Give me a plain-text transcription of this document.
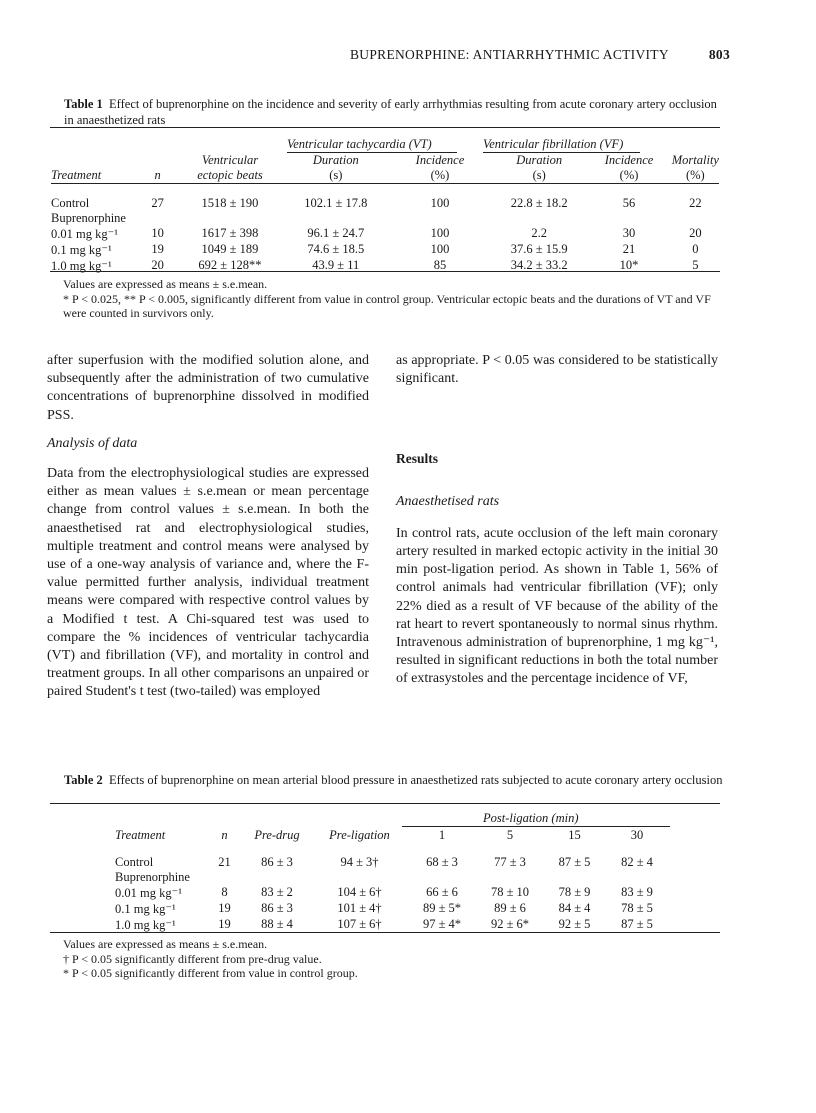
BUPRENORPHINE: ANTIARRHYTHMIC ACTIVITY	803
Table 1 Effect of buprenorphine on the incidence and severity of early arrhythmias resulting from acute coronary artery occlusion in anaesthetized rats
Ventricular tachycardia (VT)	Ventricular fibrillation (VF)
		Ventricular	Duration	Incidence	Duration	Incidence	Mortality
Treatment	n	ectopic beats	(s)	(%)	(s)	(%)	(%)

Control	27	1518 ± 190	102.1 ± 17.8	100	22.8 ± 18.2	56	22
Buprenorphine							
0.01 mg kg⁻¹	10	1617 ± 398	96.1 ± 24.7	100	2.2	30	20
0.1 mg kg⁻¹	19	1049 ± 189	74.6 ± 18.5	100	37.6 ± 15.9	21	0
1.0 mg kg⁻¹	20	692 ± 128**	43.9 ± 11	85	34.2 ± 33.2	10*	5
Values are expressed as means ± s.e.mean.
* P < 0.025, ** P < 0.005, significantly different from value in control group. Ventricular ectopic beats and the durations of VT and VF were counted in survivors only.

after superfusion with the modified solution alone, and subsequently after the administration of two cumulative concentrations of buprenorphine dissolved in modified PSS.

Analysis of data

Data from the electrophysiological studies are expressed either as mean values ± s.e.mean or mean percentage change from control values ± s.e.mean. In both the anaesthetised rat and electrophysiological studies, multiple treatment and control means were analysed by use of a one-way analysis of variance and, where the F-value permitted further analysis, individual treatment means were compared with respective control values by a Modified t test. A Chi-squared test was used to compare the % incidences of ventricular tachycardia (VT) and fibrillation (VF), and mortality in control and treatment groups. In all other comparisons an unpaired or paired Student's t test (two-tailed) was employed

as appropriate. P < 0.05 was considered to be statistically significant.

Results
Anaesthetised rats

In control rats, acute occlusion of the left main coronary artery resulted in marked ectopic activity in the initial 30 min post-ligation period. As shown in Table 1, 56% of control animals had ventricular fibrillation (VF); only 22% died as a result of VF because of the ability of the rat heart to revert spontaneously to normal sinus rhythm. Intravenous administration of buprenorphine, 1 mg kg⁻¹, resulted in significant reductions in both the total number of extrasystoles and the percentage incidence of VF,

Table 2 Effects of buprenorphine on mean arterial blood pressure in anaesthetized rats subjected to acute coronary artery occlusion
Post-ligation (min)
Treatment	n	Pre-drug	Pre-ligation	1	5	15	30

Control	21	86 ± 3	94 ± 3†	68 ± 3	77 ± 3	87 ± 5	82 ± 4
Buprenorphine							
0.01 mg kg⁻¹	8	83 ± 2	104 ± 6†	66 ± 6	78 ± 10	78 ± 9	83 ± 9
0.1 mg kg⁻¹	19	86 ± 3	101 ± 4†	89 ± 5*	89 ± 6	84 ± 4	78 ± 5
1.0 mg kg⁻¹	19	88 ± 4	107 ± 6†	97 ± 4*	92 ± 6*	92 ± 5	87 ± 5
Values are expressed as means ± s.e.mean.
† P < 0.05 significantly different from pre-drug value.
* P < 0.05 significantly different from value in control group.
